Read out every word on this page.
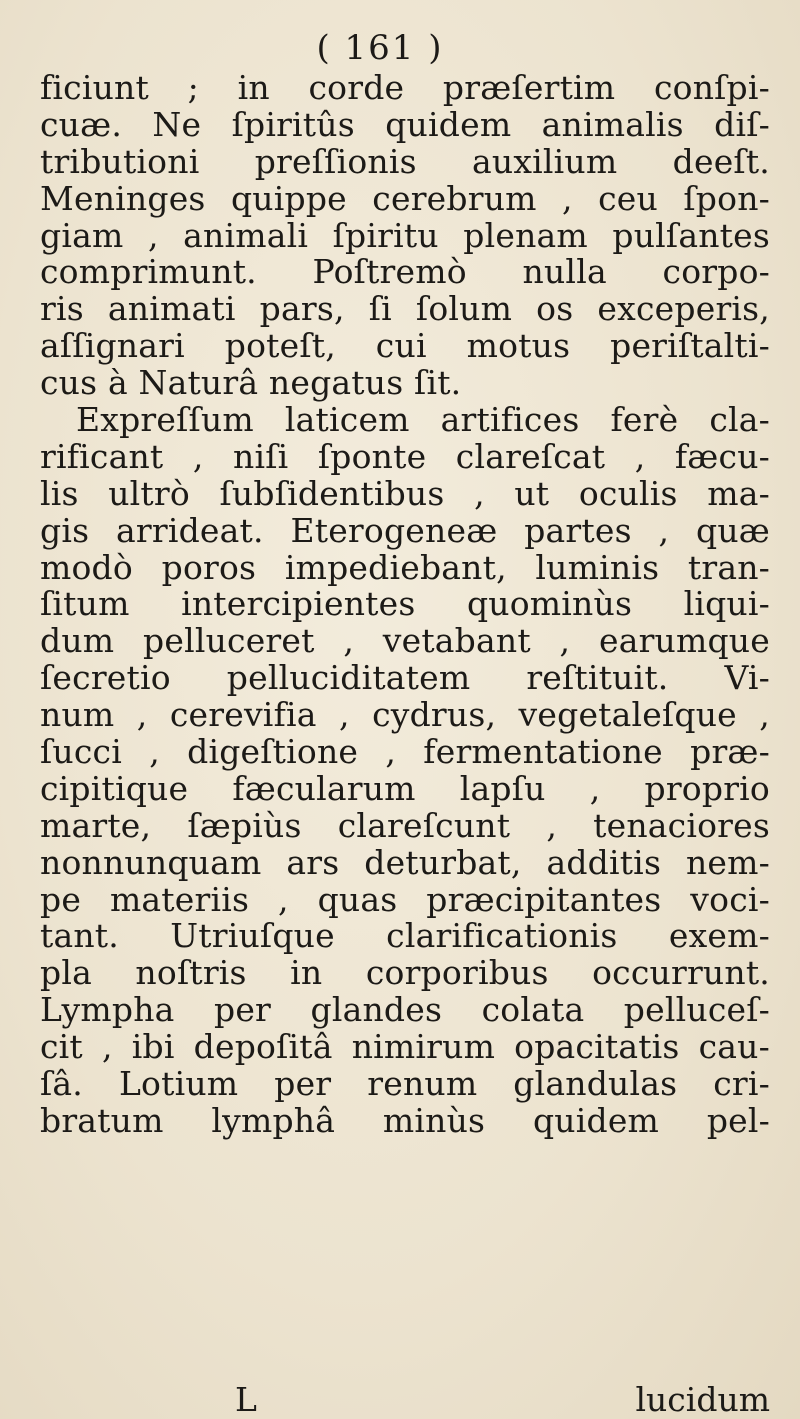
( 161 )
ficiunt ; in corde præſertim conſpi-
cuæ. Ne ſpiritûs quidem animalis diſ-
tributioni preſſionis auxilium deeſt.
Meninges quippe cerebrum , ceu ſpon-
giam , animali ſpiritu plenam pulſantes
comprimunt. Poſtremò nulla corpo-
ris animati pars, ſi ſolum os exceperis,
aſſignari poteſt, cui motus periſtalti-
cus à Naturâ negatus ſit.
Expreſſum laticem artifices ferè cla-
rificant , niſi ſponte clareſcat , fæcu-
lis ultrò ſubſidentibus , ut oculis ma-
gis arrideat. Eterogeneæ partes , quæ
modò poros impediebant, luminis tran-
ſitum intercipientes quominùs liqui-
dum pelluceret , vetabant , earumque
ſecretio pelluciditatem reſtituit. Vi-
num , cerevifia , cydrus, vegetaleſque ,
ſucci , digeſtione , fermentatione præ-
cipitique fæcularum lapſu , proprio
marte, ſæpiùs clareſcunt , tenaciores
nonnunquam ars deturbat, additis nem-
pe materiis , quas præcipitantes voci-
tant. Utriuſque clarificationis exem-
pla noſtris in corporibus occurrunt.
Lympha per glandes colata pelluceſ-
cit , ibi depoſitâ nimirum opacitatis cau-
ſâ. Lotium per renum glandulas cri-
bratum lymphâ minùs quidem pel-
L	lucidum
